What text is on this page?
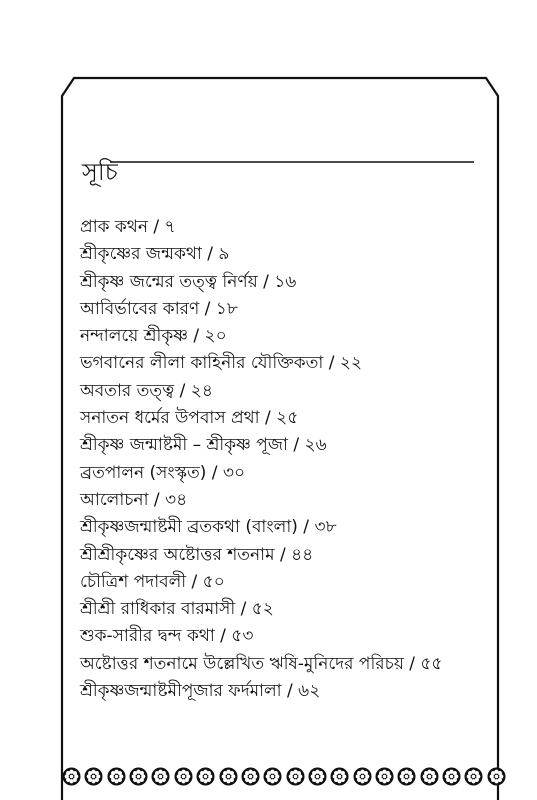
সূচি
প্রাক কথন / ৭
শ্রীকৃষ্ণের জন্মকথা / ৯
শ্রীকৃষ্ণ জন্মের তত্ত্ব নির্ণয় / ১৬
আবির্ভাবের কারণ / ১৮
নন্দালয়ে শ্রীকৃষ্ণ / ২০
ভগবানের লীলা কাহিনীর যৌক্তিকতা / ২২
অবতার তত্ত্ব / ২৪
সনাতন ধর্মের উপবাস প্রথা / ২৫
শ্রীকৃষ্ণ জন্মাষ্টমী – শ্রীকৃষ্ণ পূজা / ২৬
ব্রতপালন (সংস্কৃত) / ৩০
আলোচনা / ৩৪
শ্রীকৃষ্ণজন্মাষ্টমী ব্রতকথা (বাংলা) / ৩৮
শ্রীশ্রীকৃষ্ণের অষ্টোত্তর শতনাম / ৪৪
চৌত্রিশ পদাবলী / ৫০
শ্রীশ্রী রাধিকার বারমাসী / ৫২
শুক-সারীর দ্বন্দ কথা / ৫৩
অষ্টোত্তর শতনামে উল্লেখিত ঋষি-মুনিদের পরিচয় / ৫৫
শ্রীকৃষ্ণজন্মাষ্টমীপূজার ফর্দমালা / ৬২
